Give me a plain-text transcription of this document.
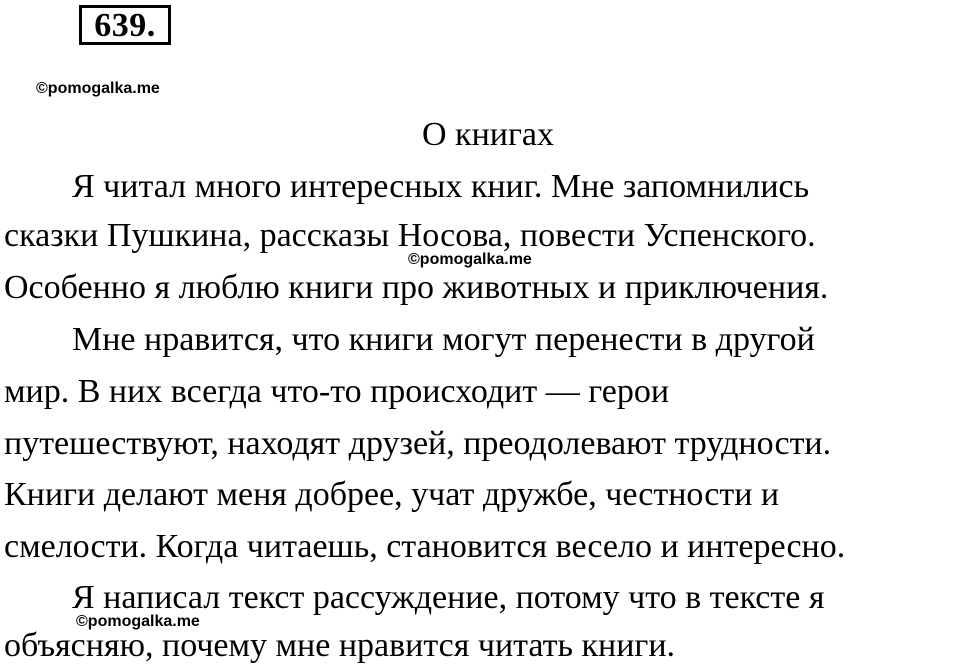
639.
©pomogalka.me
О книгах
Я читал много интересных книг. Мне запомнились
сказки Пушкина, рассказы Носова, повести Успенского.
©pomogalka.me
Особенно я люблю книги про животных и приключения.
Мне нравится, что книги могут перенести в другой
мир. В них всегда что-то происходит — герои
путешествуют, находят друзей, преодолевают трудности.
Книги делают меня добрее, учат дружбе, честности и
смелости. Когда читаешь, становится весело и интересно.
Я написал текст рассуждение, потому что в тексте я
©pomogalka.me
объясняю, почему мне нравится читать книги.
